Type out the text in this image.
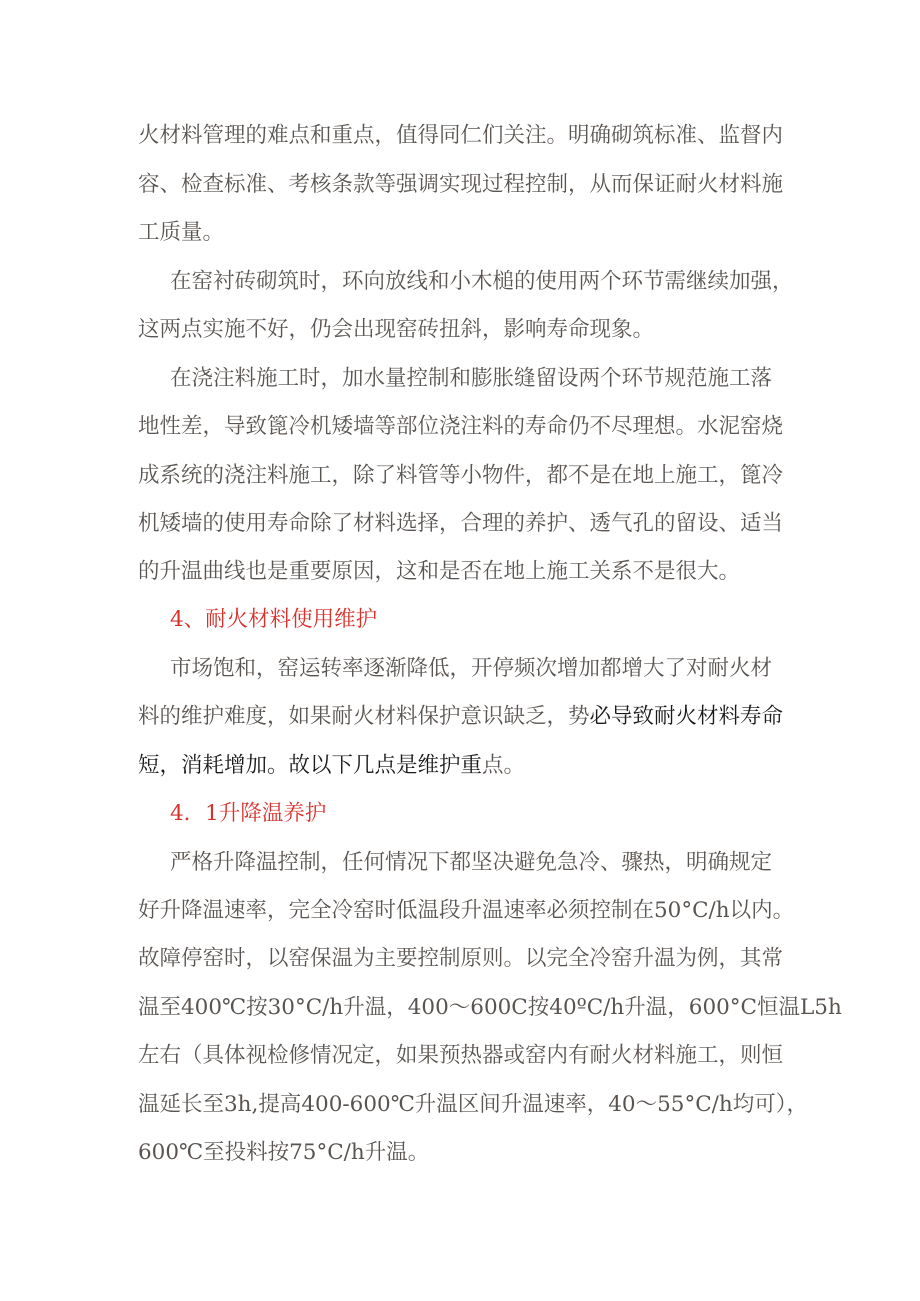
火材料管理的难点和重点，值得同仁们关注。明确砌筑标准、监督内
容、检查标准、考核条款等强调实现过程控制，从而保证耐火材料施
工质量。
在窑衬砖砌筑时，环向放线和小木槌的使用两个环节需继续加强，
这两点实施不好，仍会出现窑砖扭斜，影响寿命现象。
在浇注料施工时，加水量控制和膨胀缝留设两个环节规范施工落
地性差，导致篦冷机矮墙等部位浇注料的寿命仍不尽理想。水泥窑烧
成系统的浇注料施工，除了料管等小物件，都不是在地上施工，篦冷
机矮墙的使用寿命除了材料选择，合理的养护、透气孔的留设、适当
的升温曲线也是重要原因，这和是否在地上施工关系不是很大。
4、耐火材料使用维护
市场饱和，窑运转率逐渐降低，开停频次增加都增大了对耐火材
料的维护难度，如果耐火材料保护意识缺乏，势必导致耐火材料寿命
短，消耗增加。故以下几点是维护重点。
4．1升降温养护
严格升降温控制，任何情况下都坚决避免急冷、骤热，明确规定
好升降温速率，完全冷窑时低温段升温速率必须控制在50°C∕h以内。
故障停窑时，以窑保温为主要控制原则。以完全冷窑升温为例，其常
温至400℃按30°C∕h升温，400～600C按40ºC∕h升温，600°C恒温L5h
左右（具体视检修情况定，如果预热器或窑内有耐火材料施工，则恒
温延长至3h,提高400-600℃升温区间升温速率，40～55°C/h均可），
600℃至投料按75°C∕h升温。
